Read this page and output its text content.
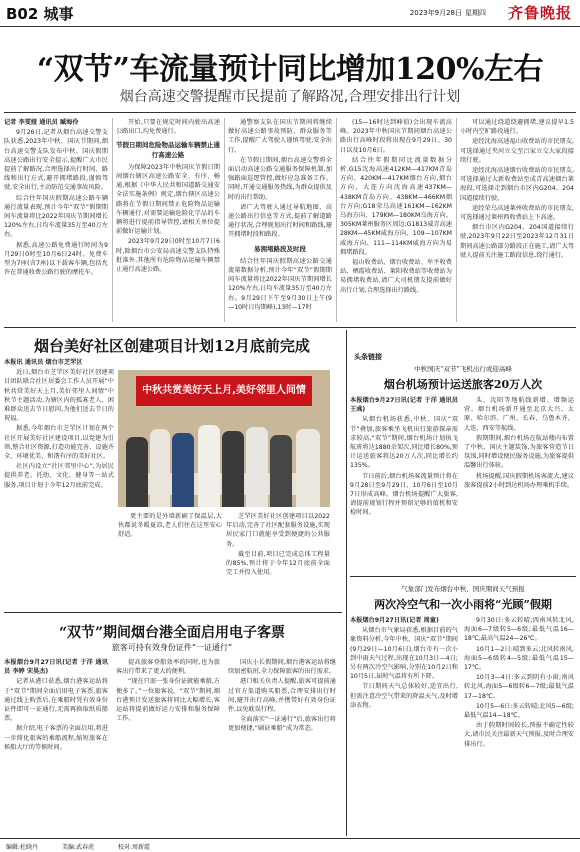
B02 城事	2023年9月28日 星期四 齐鲁晚报
“双节”车流量预计同比增加120%左右
烟台高速交警提醒市民提前了解路况,合理安排出行计划

记者 李雯娅 通讯员 臧海伶

9月26日,记者从烟台高速交警支队获悉,2023年中秋、国庆节期间,烟台高速交警支队发布中秋、国庆假期高速公路出行安全提示,提醒广大市民提前了解路况,合理选择出行时间、路线和出行方式,避开拥堵路段,谨慎驾驶,安全出行,主动防范交通事故风险。

综合往年国庆假期高速公路车辆通行流量表现,预计今年“双节”假期期间车流量将比2022年国庆节期间增长120%左右,日均车流量35万至40万左右。

据悉,高速公路免费通行时间为9月29日0时至10月6日24时。免费车型为7座(含7座)以下载客车辆,包括允许在普通收费公路行驶的摩托车。

开始,只要在规定时间内驶出高速公路出口,均免费通行。

节假日期间危险物品运输车辆禁止通行高速公路

为保障2023年中秋国庆节假日期间烟台辖区高速公路安全、有序、畅通,根据《中华人民共和国道路交通安全法实施条例》规定,烟台辖区高速公路将在节假日期间禁止危险物品运输车辆通行,对需要运输危险化学品的车辆将进行提前指导管控,请相关单位提前做好运输计划。

2023年9月29日0时至10月7日6时,除烟台市公安局高速交警支队特殊批准外,其他所有危险物品运输车辆禁止通行高速公路。

通警察支队在国庆节期间将继续做好高速公路事故预防、群众服务等工作,提醒广大驾驶人谨慎驾驶,安全出行。

在节假日期间,烟台高速交警将全面启动高速公路交通服务保障机制,加强路面巡逻管控,做好应急准备工作。同时,开通交通服务热线,为群众提供及时的出行帮助。

请广大驾驶人通过导航地图、高速公路出行信息等方式,提前了解道路通行状况,合理规划出行时间和路线,避开拥堵时段和路段。

易拥堵路段及时段

结合往年国庆假期高速公路交通流量数据分析,预计今年“双节”假期期间车流量将比2022年国庆节期间增长120%左右,日均车流量35万至40万左右。9月29日下午至9月30日上午(9—10时日均期峰),13时—17时

(15—16时达到峰值)会出现车流高峰。2023年中秋国庆节期间烟台高速公路出行高峰时段将出现在9月29日、30日以及10月6日。

结合往年假期同比流量数据分析,G15沈海高速412KM—417KM青岛方向、420KM—417KM烟台方向,烟台方向、大连方向沈海高速437KM—438KM青岛方向、438KM—466KM烟台方向;G18荣乌高速161KM—162KM乌海方向、179KM—180KM乌海方向、305KM莱州服务区周边;G1813威青高速28KM—45KM威海方向、109—107KM威海方向、111—114KM威海方向为易拥堵路段。

福山收费站、烟台收费站、牟平收费站、栖霞收费站、莱阳收费站等收费站为易拥堵收费站,请广大司机朋友提前做好出行计划,合理选择出行路线。

可以通过绕道绕避拥堵,建议提早1.5小时内空旷路段通行。

途经沈海高速福山收费站的市民朋友,可选择通过夹河立交至吕家立交大家段接续行驶。

途经沈海高速烟台收费站的市民朋友,可选择通过大新收费站至成青高速烟台莱海段,可选择走到烟台市区内G204、204国道接续行驶。

途经荣乌高速莱州收费站的市民朋友,可选择通过莱州西收费站上下高速。

烟台市区内G204、204国道接续行驶,2023年9月22日至2023年12月31日期间高速公路部分路段正在施工,请广大驾驶人提前关注施工路段信息,绕行通行。

烟台美好社区创建项目计划12月底前完成

本报讯 通讯员 烟台市芝罘区

近日,烟台市芝罘区美好社区创建项目团队联合社区居委会工作人员开展“中秋共赏美好天上月,美好邻里人间情”中秋节主题活动,为辖区内的孤寡老人、困难群众送去节日慰问,为他们送去节日的祝福。

据悉,今年烟台市芝罘区计划在两个社区开展美好社区建设项目,以党建为引领,整合社区资源,打造功能完善、设施齐全、环境优美、和谐有序的美好社区。

社区内设立“社区邻里中心”,为居民提供养老、托幼、文化、健身等一站式服务,项目计划于今年12月底前完成。

中秋共赏美好天上月,美好邻里人间情

更主要的是外墙新刷了保温层,大伙都说冬暖夏凉,老人们住在这里安心舒适。

芝罘区美好社区创建项目以2022年启动,完善了社区配套服务设施,实现居民家门口就能享受到便捷的公共服务。

截至目前,项目已完成总体工程量的85%,预计将于今年12月底前全面完工并投入使用。

“双节”期间烟台港全面启用电子客票
旅客可持有效身份证件“一证通行”

本报烟台9月27日讯(记者 于洋 通讯员 李婷 宋昊杰)

记者从港口获悉,烟台港客运站将于“双节”期间全面启用电子客票,旅客通过线上购票后,在乘船时凭有效身份证件即可一证通行,无需再换取纸质船票。

据介绍,电子客票的全面启用,将进一步简化旅客的乘船流程,缩短旅客在候船大厅的等候时间。

提高旅客登船效率的同时,也为旅客出行带来了更大的便利。

“现在只需一张身份证就能乘船,方便多了。”一位旅客说。“双节”期间,烟台港预计发送旅客将同比大幅增长,客运站将提前做好运力安排和服务保障工作。

国庆小长假期间,烟台港客运站将继续加密航班,全力保障旅客的出行需求。

港口相关负责人提醒,旅客可提前通过官方渠道购买船票,合理安排出行时间,避开出行高峰,并携带好有效身份证件,以免耽误行程。

全面落实“一证通行”后,旅客出行将更加便捷,“刷证乘船”成为常态。

头条链接
中秋国庆“双节”飞机出行或迎高峰
烟台机场预计运送旅客20万人次

本报烟台9月27日讯(记者 于洋 通讯员 王彧)

从烟台机场获悉,中秋、国庆“双节”叠加,旅客乘坐飞机出行旅游探亲需求较高,“双节”期间,烟台机场计划执飞航班将达1880余架次,同比增长80%,预计运送旅客将达20万人次,同比增长约135%。

节日前后,烟台机场客流量预计将在9月28日至9月29日、10月6日至10月7日形成高峰。烟台机场提醒广大旅客,请提前规划行程并预留足够的值机和安检时间。

头、沈阳等地航线新增、增频运营。烟台机场新开通至北京大兴、太原、哈尔滨、广州、长春、乌鲁木齐、大连、西安等航线。

假期期间,烟台机场在航站楼内布置了中秋、国庆主题装饰,为旅客营造节日氛围,同时增设便民服务设施,为旅客提供温馨出行体验。

机场提醒,国庆假期机场客流大,建议旅客提前2小时到达机场办理乘机手续。

气象部门发布烟台中秋、国庆期间天气预报
两次冷空气和一次小雨将“光顾”假期

本报烟台9月27日讯(记者 周童)

从烟台市气象局获悉,根据目前的气象资料分析,今年中秋、国庆“双节”期间(9月29日—10月6日),烟台市有一次小到中雨天气过程,出现在10月3日—4日;另有两次冷空气影响,分别在10月2日和10月5日,届时气温将有所下降。

节日期间天气总体较好,适宜出行,但需注意冷空气带来的降温天气,及时增添衣物。

9月30日:多云转晴;西南风转北风,海面6—7级转5—6级;最低气温16—18℃,最高气温24—26℃。

10月1—2日:晴到多云;北风转南风,海面5—6级转4—5级;最低气温15—17℃。

10月3—4日:多云到阴有小雨;南风转北风,海面5—6级转6—7级;最低气温17—18℃。

10月5—6日:多云转晴;北风5—6级;最低气温14—18℃。

由于假期时间较长,预报不确定性较大,请市民关注最新天气预报,及时合理安排出行。

编辑:杜晓丹	美编:武春虎	校对:周新霞
